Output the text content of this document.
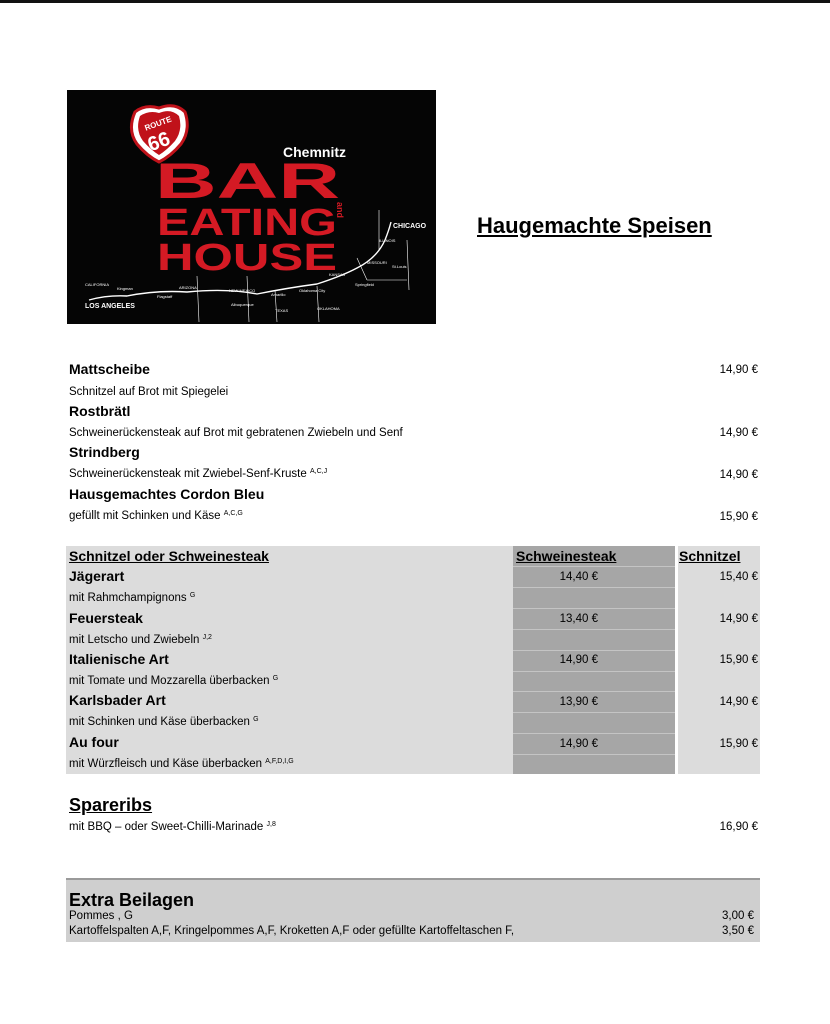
ROUTE
66	Chemnitz
BAR
and
EATING
HOUSE
CHICAGO
LOS ANGELES
ILLINOIS
MISSOURI
KANSAS
St.Louis
Springfield
Oklahoma City
OKLAHOMA
TEXAS
Amarillo
NEW MEXICO
ARIZONA
Flagstaff
Kingman
Albuquerque
CALIFORNIA
Haugemachte Speisen
Mattscheibe	14,90 €
Schnitzel auf Brot mit Spiegelei
Rostbrätl
Schweinerückensteak auf Brot mit gebratenen Zwiebeln und Senf	14,90 €
Strindberg
Schweinerückensteak mit Zwiebel-Senf-Kruste $^{A,C,J}$	14,90 €
Hausgemachtes Cordon Bleu
gefüllt mit Schinken und Käse $^{A,C,G}$	15,90 €
Schnitzel oder Schweinesteak	Schweinesteak	Schnitzel
Jägerart	14,40 €	15,40 €
mit Rahmchampignons $^G$
Feuersteak	13,40 €	14,90 €
mit Letscho und Zwiebeln $^{J,2}$
Italienische Art	14,90 €	15,90 €
mit Tomate und Mozzarella überbacken $^G$
Karlsbader Art	13,90 €	14,90 €
mit Schinken und Käse überbacken $^G$
Au four	14,90 €	15,90 €
mit Würzfleisch und Käse überbacken $^{A,F,D,I,G}$
Spareribs
mit BBQ – oder Sweet-Chilli-Marinade $^{J,8}$	16,90 €
Extra Beilagen
Pommes , G	3,00 €
Kartoffelspalten A,F, Kringelpommes A,F, Kroketten A,F oder gefüllte Kartoffeltaschen F,	3,50 €
